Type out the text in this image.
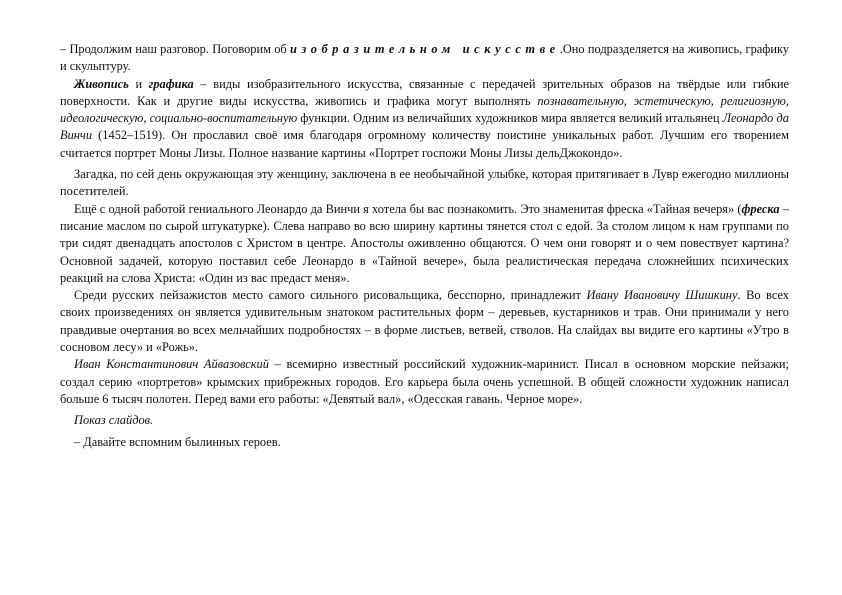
– Продолжим наш разговор. Поговорим об изобразительном искусстве.Оно подразделяется на живопись, графику и скульптуру.

Живопись и графика – виды изобразительного искусства, связанные с передачей зрительных образов на твёрдые или гибкие поверхности. Как и другие виды искусства, живопись и графика могут выполнять познавательную, эстетическую, религиозную, идеологическую, социально-воспитательную функции. Одним из величайших художников мира является великий итальянец Леонардо да Винчи (1452–1519). Он прославил своё имя благодаря огромному количеству поистине уникальных работ. Лучшим его творением считается портрет Моны Лизы. Полное название картины «Портрет госпожи Моны Лизы дельДжокондо».

Загадка, по сей день окружающая эту женщину, заключена в ее необычайной улыбке, которая притягивает в Лувр ежегодно миллионы посетителей.

Ещё с одной работой гениального Леонардо да Винчи я хотела бы вас познакомить. Это знаменитая фреска «Тайная вечеря» (фреска – писание маслом по сырой штукатурке). Слева направо во всю ширину картины тянется стол с едой. За столом лицом к нам группами по три сидят двенадцать апостолов с Христом в центре. Апостолы оживленно общаются. О чем они говорят и о чем повествует картина? Основной задачей, которую поставил себе Леонардо в «Тайной вечере», была реалистическая передача сложнейших психических реакций на слова Христа: «Один из вас предаст меня».

Среди русских пейзажистов место самого сильного рисовальщика, бесспорно, принадлежит Ивану Ивановичу Шишкину. Во всех своих произведениях он является удивительным знатоком растительных форм – деревьев, кустарников и трав. Они принимали у него правдивые очертания во всех мельчайших подробностях – в форме листьев, ветвей, стволов. На слайдах вы видите его картины «Утро в сосновом лесу» и «Рожь».

Иван Константинович Айвазовский – всемирно известный российский художник-маринист. Писал в основном морские пейзажи; создал серию «портретов» крымских прибрежных городов. Его карьера была очень успешной. В общей сложности художник написал больше 6 тысяч полотен. Перед вами его работы: «Девятый вал», «Одесская гавань. Черное море».

Показ слайдов.

– Давайте вспомним былинных героев.
